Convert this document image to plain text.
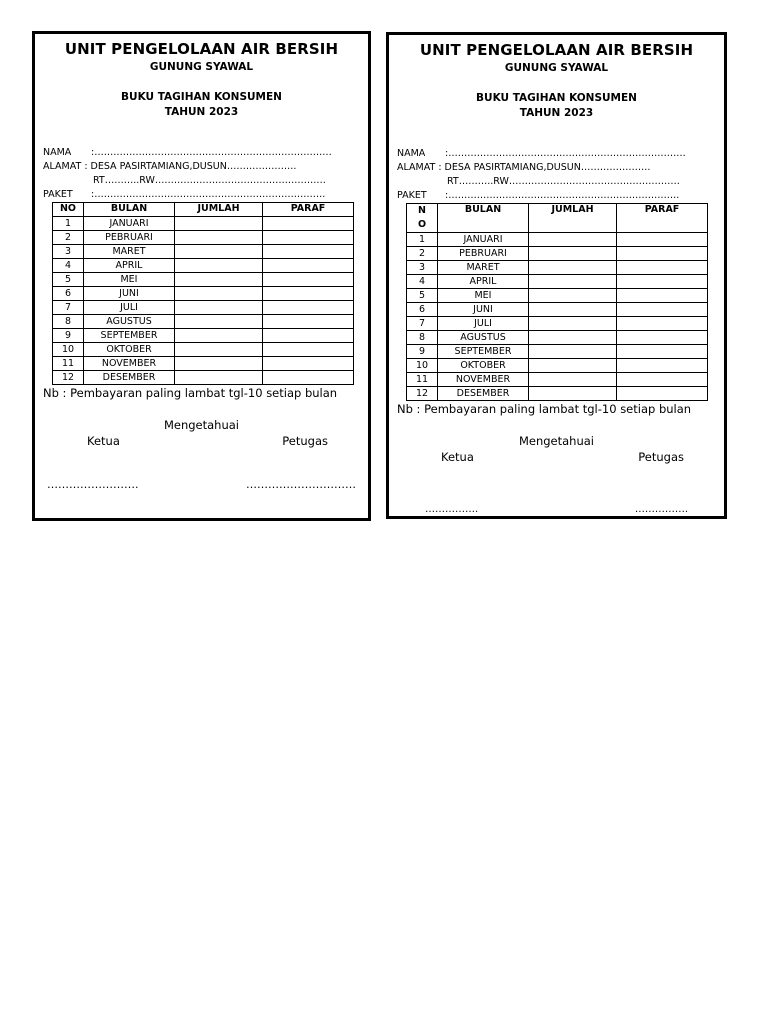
UNIT PENGELOLAAN AIR BERSIH
GUNUNG SYAWAL
BUKU TAGIHAN KONSUMEN
TAHUN 2023
NAMA	:…………………………………………………………………
ALAMAT
: DESA PASIRTAMIANG,DUSUN………………….
RT………..RW………………………………………………
PAKET	:……………………………………………………………….
NO	BULAN	JUMLAH	PARAF
1	JANUARI		
2	PEBRUARI		
3	MARET		
4	APRIL		
5	MEI		
6	JUNI		
7	JULI		
8	AGUSTUS		
9	SEPTEMBER		
10	OKTOBER		
11	NOVEMBER		
12	DESEMBER		
Nb : Pembayaran paling lambat tgl-10 setiap bulan
Mengetahuai
Ketua	Petugas
…………………….	…………………………
UNIT PENGELOLAAN AIR BERSIH
GUNUNG SYAWAL
BUKU TAGIHAN KONSUMEN
TAHUN 2023
NAMA	:…………………………………………………………………
ALAMAT
: DESA PASIRTAMIANG,DUSUN………………….
RT………..RW………………………………………………
PAKET	:……………………………………………………………….
NO	BULAN	JUMLAH	PARAF
1	JANUARI		
2	PEBRUARI		
3	MARET		
4	APRIL		
5	MEI		
6	JUNI		
7	JULI		
8	AGUSTUS		
9	SEPTEMBER		
10	OKTOBER		
11	NOVEMBER		
12	DESEMBER		
Nb : Pembayaran paling lambat tgl-10 setiap bulan
Mengetahuai
Ketua	Petugas
…………….	…………….
